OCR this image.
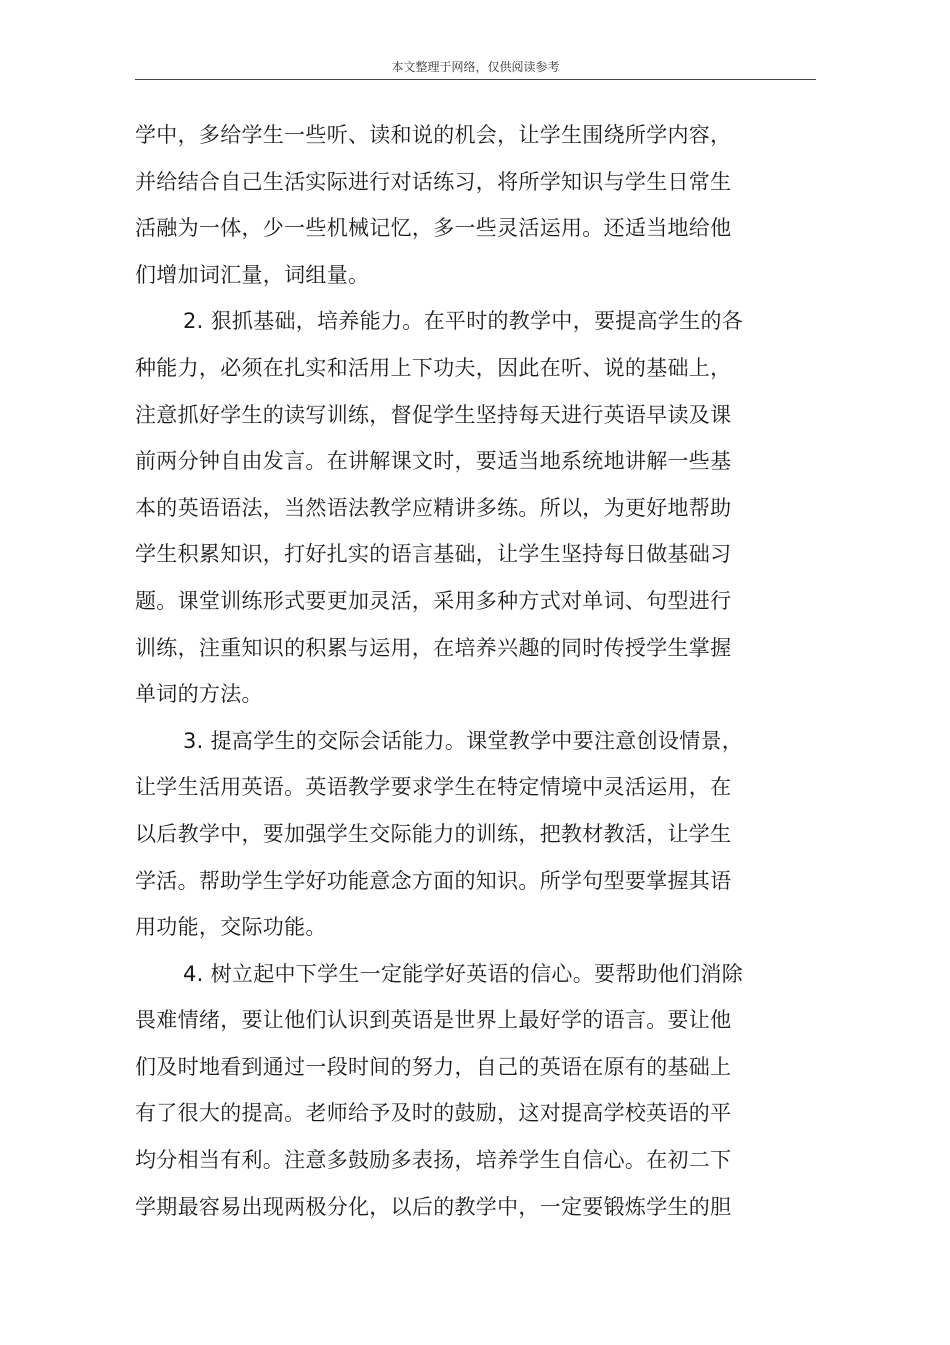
本文整理于网络，仅供阅读参考
学中，多给学生一些听、读和说的机会，让学生围绕所学内容，
并给结合自己生活实际进行对话练习，将所学知识与学生日常生
活融为一体，少一些机械记忆，多一些灵活运用。还适当地给他
们增加词汇量，词组量。
2. 狠抓基础，培养能力。在平时的教学中，要提高学生的各
种能力，必须在扎实和活用上下功夫，因此在听、说的基础上，
注意抓好学生的读写训练，督促学生坚持每天进行英语早读及课
前两分钟自由发言。在讲解课文时，要适当地系统地讲解一些基
本的英语语法，当然语法教学应精讲多练。所以，为更好地帮助
学生积累知识，打好扎实的语言基础，让学生坚持每日做基础习
题。课堂训练形式要更加灵活，采用多种方式对单词、句型进行
训练，注重知识的积累与运用，在培养兴趣的同时传授学生掌握
单词的方法。
3. 提高学生的交际会话能力。课堂教学中要注意创设情景，
让学生活用英语。英语教学要求学生在特定情境中灵活运用，在
以后教学中，要加强学生交际能力的训练，把教材教活，让学生
学活。帮助学生学好功能意念方面的知识。所学句型要掌握其语
用功能，交际功能。
4. 树立起中下学生一定能学好英语的信心。要帮助他们消除
畏难情绪，要让他们认识到英语是世界上最好学的语言。要让他
们及时地看到通过一段时间的努力，自己的英语在原有的基础上
有了很大的提高。老师给予及时的鼓励，这对提高学校英语的平
均分相当有利。注意多鼓励多表扬，培养学生自信心。在初二下
学期最容易出现两极分化，以后的教学中，一定要锻炼学生的胆
